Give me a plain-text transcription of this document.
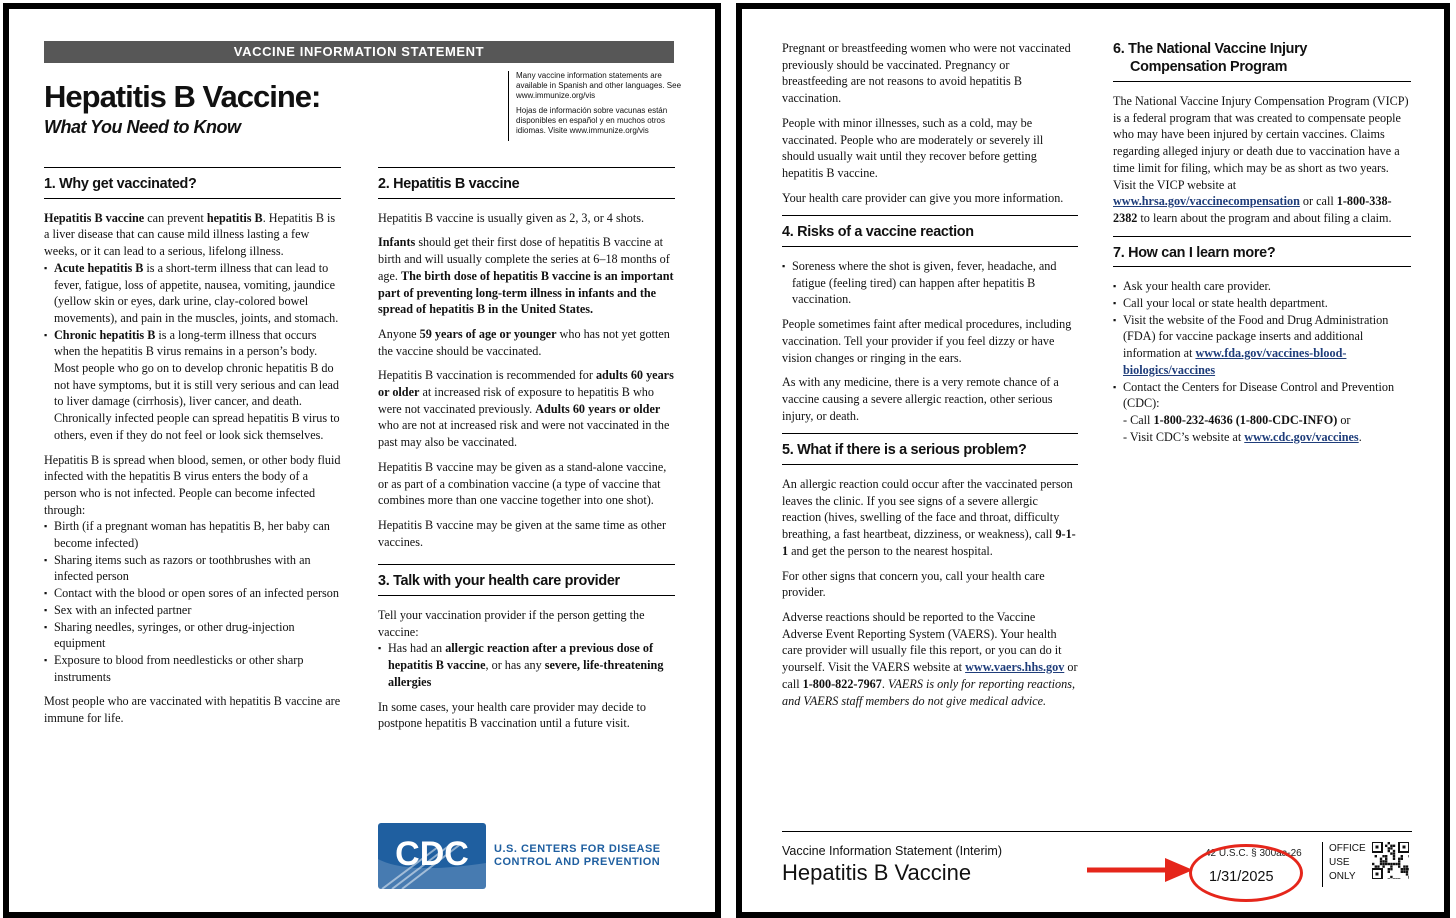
VACCINE INFORMATION STATEMENT
Hepatitis B Vaccine:
What You Need to Know

Many vaccine information statements are available in Spanish and other languages. See www.immunize.org/vis

Hojas de información sobre vacunas están disponibles en español y en muchos otros idiomas. Visite www.immunize.org/vis

1. Why get vaccinated?

Hepatitis B vaccine can prevent hepatitis B. Hepatitis B is a liver disease that can cause mild illness lasting a few weeks, or it can lead to a serious, lifelong illness.

▪ Acute hepatitis B is a short-term illness that can lead to fever, fatigue, loss of appetite, nausea, vomiting, jaundice (yellow skin or eyes, dark urine, clay-colored bowel movements), and pain in the muscles, joints, and stomach.
▪ Chronic hepatitis B is a long-term illness that occurs when the hepatitis B virus remains in a person’s body. Most people who go on to develop chronic hepatitis B do not have symptoms, but it is still very serious and can lead to liver damage (cirrhosis), liver cancer, and death. Chronically infected people can spread hepatitis B virus to others, even if they do not feel or look sick themselves.

Hepatitis B is spread when blood, semen, or other body fluid infected with the hepatitis B virus enters the body of a person who is not infected. People can become infected through:

▪ Birth (if a pregnant woman has hepatitis B, her baby can become infected)
▪ Sharing items such as razors or toothbrushes with an infected person
▪ Contact with the blood or open sores of an infected person
▪ Sex with an infected partner
▪ Sharing needles, syringes, or other drug-injection equipment
▪ Exposure to blood from needlesticks or other sharp instruments

Most people who are vaccinated with hepatitis B vaccine are immune for life.

2. Hepatitis B vaccine

Hepatitis B vaccine is usually given as 2, 3, or 4 shots.

Infants should get their first dose of hepatitis B vaccine at birth and will usually complete the series at 6–18 months of age. The birth dose of hepatitis B vaccine is an important part of preventing long-term illness in infants and the spread of hepatitis B in the United States.

Anyone 59 years of age or younger who has not yet gotten the vaccine should be vaccinated.

Hepatitis B vaccination is recommended for adults 60 years or older at increased risk of exposure to hepatitis B who were not vaccinated previously. Adults 60 years or older who are not at increased risk and were not vaccinated in the past may also be vaccinated.

Hepatitis B vaccine may be given as a stand-alone vaccine, or as part of a combination vaccine (a type of vaccine that combines more than one vaccine together into one shot).

Hepatitis B vaccine may be given at the same time as other vaccines.

3. Talk with your health care provider

Tell your vaccination provider if the person getting the vaccine:

▪ Has had an allergic reaction after a previous dose of hepatitis B vaccine, or has any severe, life-threatening allergies

In some cases, your health care provider may decide to postpone hepatitis B vaccination until a future visit.

CDC U.S. CENTERS FOR DISEASE
CONTROL AND PREVENTION

Pregnant or breastfeeding women who were not vaccinated previously should be vaccinated. Pregnancy or breastfeeding are not reasons to avoid hepatitis B vaccination.

People with minor illnesses, such as a cold, may be vaccinated. People who are moderately or severely ill should usually wait until they recover before getting hepatitis B vaccine.

Your health care provider can give you more information.

4. Risks of a vaccine reaction
▪ Soreness where the shot is given, fever, headache, and fatigue (feeling tired) can happen after hepatitis B vaccination.

People sometimes faint after medical procedures, including vaccination. Tell your provider if you feel dizzy or have vision changes or ringing in the ears.

As with any medicine, there is a very remote chance of a vaccine causing a severe allergic reaction, other serious injury, or death.

5. What if there is a serious problem?

An allergic reaction could occur after the vaccinated person leaves the clinic. If you see signs of a severe allergic reaction (hives, swelling of the face and throat, difficulty breathing, a fast heartbeat, dizziness, or weakness), call 9-1-1 and get the person to the nearest hospital.

For other signs that concern you, call your health care provider.

Adverse reactions should be reported to the Vaccine Adverse Event Reporting System (VAERS). Your health care provider will usually file this report, or you can do it yourself. Visit the VAERS website at www.vaers.hhs.gov or call 1-800-822-7967. VAERS is only for reporting reactions, and VAERS staff members do not give medical advice.

6. The National Vaccine Injury
Compensation Program

The National Vaccine Injury Compensation Program (VICP) is a federal program that was created to compensate people who may have been injured by certain vaccines. Claims regarding alleged injury or death due to vaccination have a time limit for filing, which may be as short as two years. Visit the VICP website at www.hrsa.gov/vaccinecompensation or call 1-800-338-2382 to learn about the program and about filing a claim.

7. How can I learn more?
▪ Ask your health care provider.
▪ Call your local or state health department.
▪ Visit the website of the Food and Drug Administration (FDA) for vaccine package inserts and additional information at www.fda.gov/vaccines-blood-biologics/vaccines
▪ Contact the Centers for Disease Control and Prevention (CDC):
- Call 1-800-232-4636 (1-800-CDC-INFO) or
- Visit CDC’s website at www.cdc.gov/vaccines.
Vaccine Information Statement (Interim)
Hepatitis B Vaccine
42 U.S.C. § 300aa-26
1/31/2025
OFFICE USE ONLY
